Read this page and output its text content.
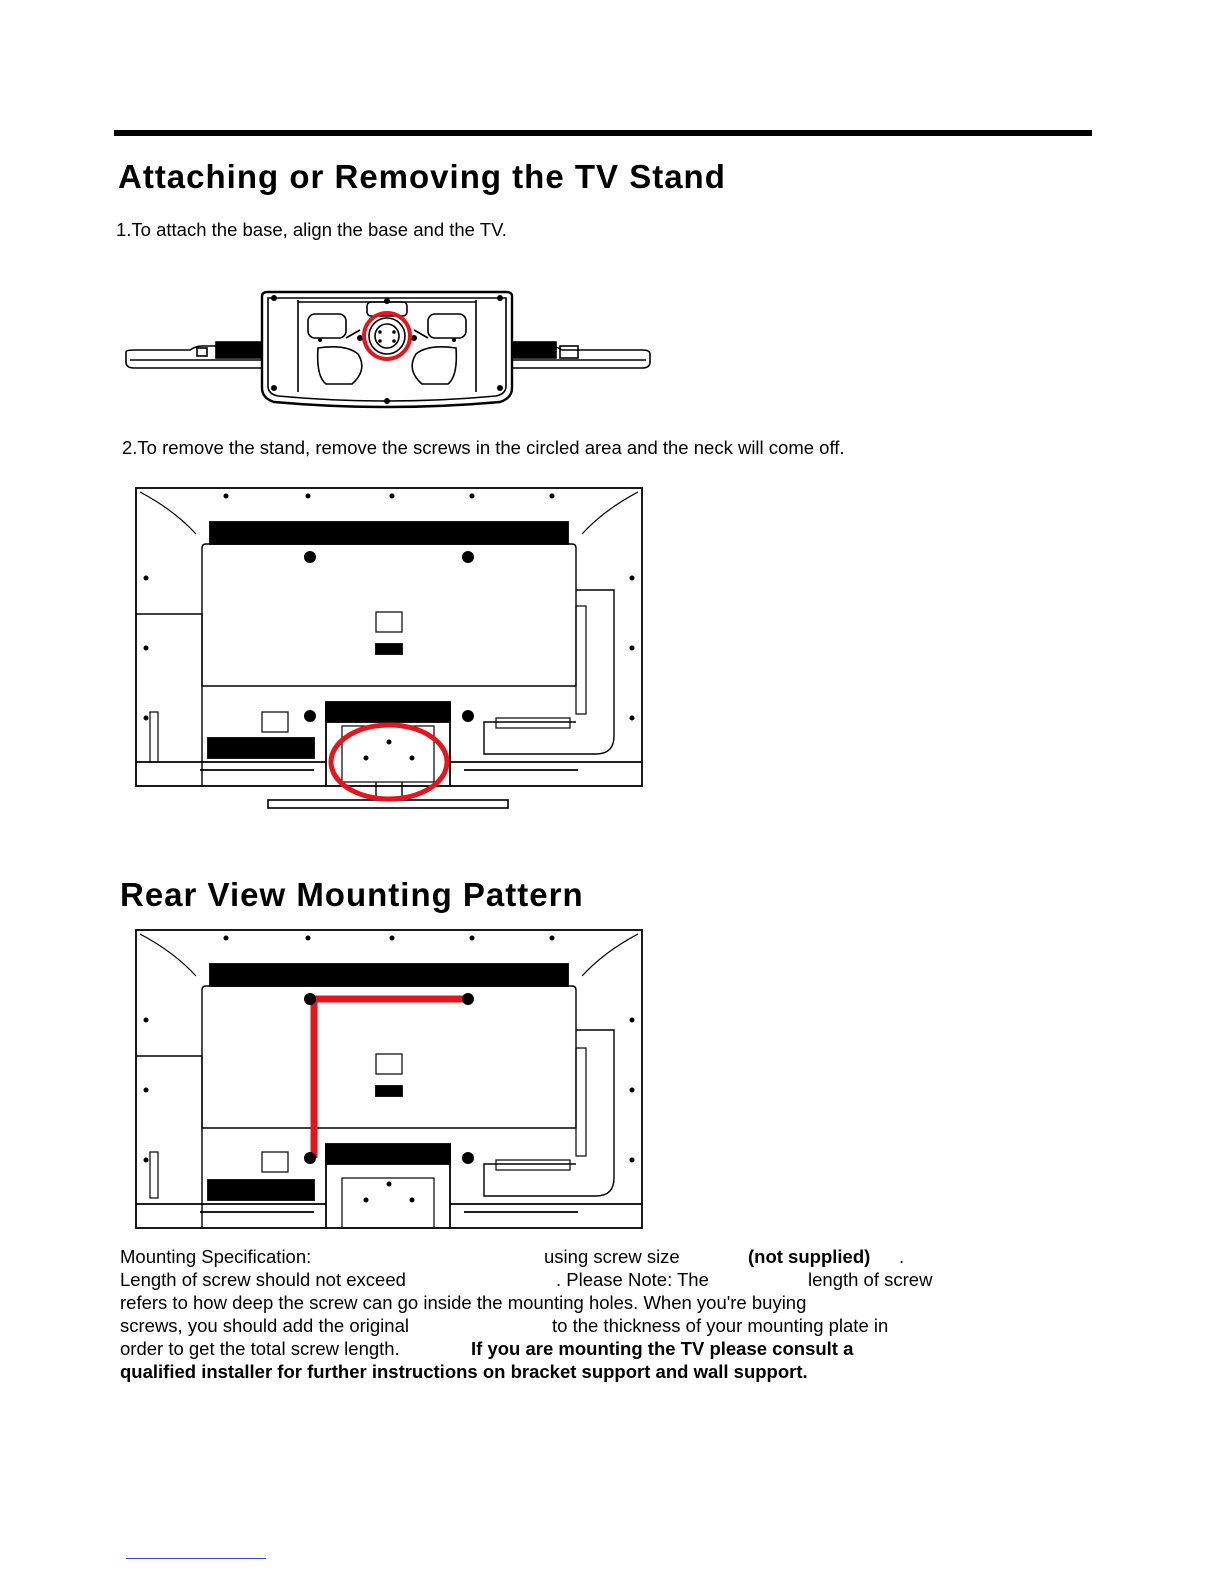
Attaching or Removing the TV Stand

1.To attach the base, align the base and the TV.

2.To remove the stand, remove the screws in the circled area and the neck will come off.

Rear View Mounting Pattern
Mounting Specification:	using screw size	(not supplied) .
Length of screw should not exceed	. Please Note: The	length of screw
refers to how deep the screw can go inside the mounting holes. When you're buying
screws, you should add the original	to the thickness of your mounting plate in
order to get the total screw length.	If you are mounting the TV please consult a
qualified installer for further instructions on bracket support and wall support.
